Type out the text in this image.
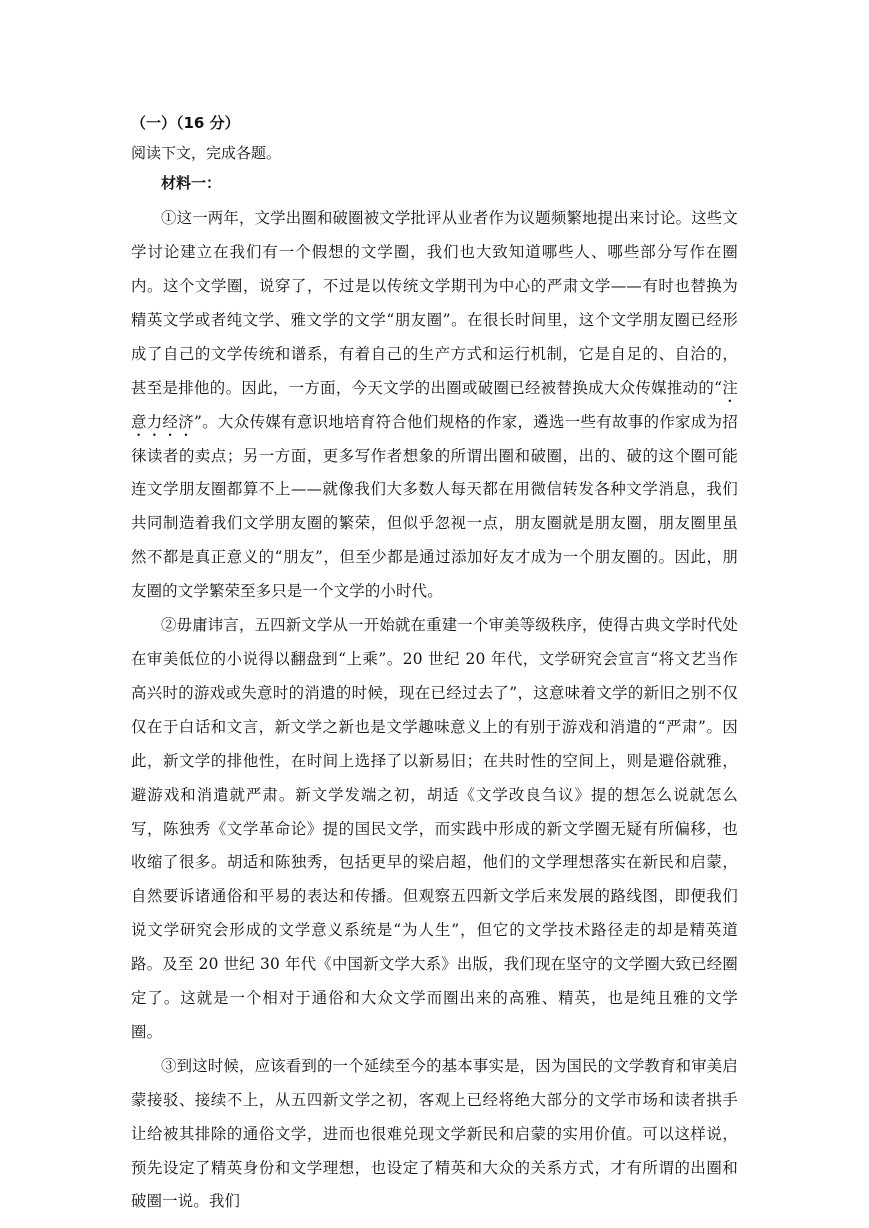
（一）（16 分）
阅读下文，完成各题。
材料一：

①这一两年，文学出圈和破圈被文学批评从业者作为议题频繁地提出来讨论。这些文学讨论建立在我们有一个假想的文学圈，我们也大致知道哪些人、哪些部分写作在圈内。这个文学圈，说穿了，不过是以传统文学期刊为中心的严肃文学——有时也替换为精英文学或者纯文学、雅文学的文学“朋友圈”。在很长时间里，这个文学朋友圈已经形成了自己的文学传统和谱系，有着自己的生产方式和运行机制，它是自足的、自洽的，甚至是排他的。因此，一方面，今天文学的出圈或破圈已经被替换成大众传媒推动的“注意力经济”。大众传媒有意识地培育符合他们规格的作家，遴选一些有故事的作家成为招徕读者的卖点；另一方面，更多写作者想象的所谓出圈和破圈，出的、破的这个圈可能连文学朋友圈都算不上——就像我们大多数人每天都在用微信转发各种文学消息，我们共同制造着我们文学朋友圈的繁荣，但似乎忽视一点，朋友圈就是朋友圈，朋友圈里虽然不都是真正意义的“朋友”，但至少都是通过添加好友才成为一个朋友圈的。因此，朋友圈的文学繁荣至多只是一个文学的小时代。

②毋庸讳言，五四新文学从一开始就在重建一个审美等级秩序，使得古典文学时代处在审美低位的小说得以翻盘到“上乘”。20 世纪 20 年代，文学研究会宣言“将文艺当作高兴时的游戏或失意时的消遣的时候，现在已经过去了”，这意味着文学的新旧之别不仅仅在于白话和文言，新文学之新也是文学趣味意义上的有别于游戏和消遣的“严肃”。因此，新文学的排他性，在时间上选择了以新易旧；在共时性的空间上，则是避俗就雅，避游戏和消遣就严肃。新文学发端之初，胡适《文学改良刍议》提的想怎么说就怎么写，陈独秀《文学革命论》提的国民文学，而实践中形成的新文学圈无疑有所偏移，也收缩了很多。胡适和陈独秀，包括更早的梁启超，他们的文学理想落实在新民和启蒙，自然要诉诸通俗和平易的表达和传播。但观察五四新文学后来发展的路线图，即便我们说文学研究会形成的文学意义系统是“为人生”，但它的文学技术路径走的却是精英道路。及至 20 世纪 30 年代《中国新文学大系》出版，我们现在坚守的文学圈大致已经圈定了。这就是一个相对于通俗和大众文学而圈出来的高雅、精英，也是纯且雅的文学圈。

③到这时候，应该看到的一个延续至今的基本事实是，因为国民的文学教育和审美启蒙接驳、接续不上，从五四新文学之初，客观上已经将绝大部分的文学市场和读者拱手让给被其排除的通俗文学，进而也很难兑现文学新民和启蒙的实用价值。可以这样说，预先设定了精英身份和文学理想，也设定了精英和大众的关系方式，才有所谓的出圈和破圈一说。我们
